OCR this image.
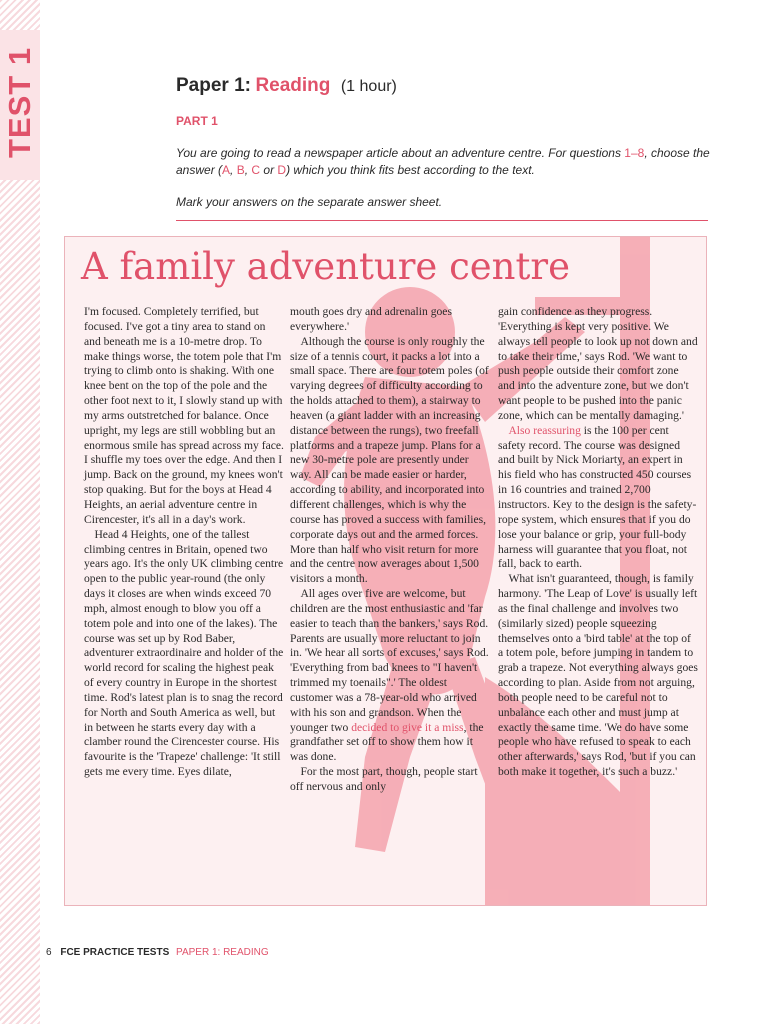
TEST 1	Paper 1: Reading (1 hour)
PART 1
You are going to read a newspaper article about an adventure centre. For questions 1–8, choose the answer (A, B, C or D) which you think fits best according to the text.
Mark your answers on the separate answer sheet.
A family adventure centre

I'm focused. Completely terrified, but focused. I've got a tiny area to stand on and beneath me is a 10-metre drop. To make things worse, the totem pole that I'm trying to climb onto is shaking. With one knee bent on the top of the pole and the other foot next to it, I slowly stand up with my arms outstretched for balance. Once upright, my legs are still wobbling but an enormous smile has spread across my face. I shuffle my toes over the edge. And then I jump. Back on the ground, my knees won't stop quaking. But for the boys at Head 4 Heights, an aerial adventure centre in Cirencester, it's all in a day's work.

Head 4 Heights, one of the tallest climbing centres in Britain, opened two years ago. It's the only UK climbing centre open to the public year-round (the only days it closes are when winds exceed 70 mph, almost enough to blow you off a totem pole and into one of the lakes). The course was set up by Rod Baber, adventurer extraordinaire and holder of the world record for scaling the highest peak of every country in Europe in the shortest time. Rod's latest plan is to snag the record for North and South America as well, but in between he starts every day with a clamber round the Cirencester course. His favourite is the 'Trapeze' challenge: 'It still gets me every time. Eyes dilate,

mouth goes dry and adrenalin goes everywhere.'

Although the course is only roughly the size of a tennis court, it packs a lot into a small space. There are four totem poles (of varying degrees of difficulty according to the holds attached to them), a stairway to heaven (a giant ladder with an increasing distance between the rungs), two freefall platforms and a trapeze jump. Plans for a new 30-metre pole are presently under way. All can be made easier or harder, according to ability, and incorporated into different challenges, which is why the course has proved a success with families, corporate days out and the armed forces. More than half who visit return for more and the centre now averages about 1,500 visitors a month.

All ages over five are welcome, but children are the most enthusiastic and 'far easier to teach than the bankers,' says Rod. Parents are usually more reluctant to join in. 'We hear all sorts of excuses,' says Rod. 'Everything from bad knees to "I haven't trimmed my toenails".' The oldest customer was a 78-year-old who arrived with his son and grandson. When the younger two decided to give it a miss, the grandfather set off to show them how it was done.

For the most part, though, people start off nervous and only

gain confidence as they progress. 'Everything is kept very positive. We always tell people to look up not down and to take their time,' says Rod. 'We want to push people outside their comfort zone and into the adventure zone, but we don't want people to be pushed into the panic zone, which can be mentally damaging.'

Also reassuring is the 100 per cent safety record. The course was designed and built by Nick Moriarty, an expert in his field who has constructed 450 courses in 16 countries and trained 2,700 instructors. Key to the design is the safety-rope system, which ensures that if you do lose your balance or grip, your full-body harness will guarantee that you float, not fall, back to earth.

What isn't guaranteed, though, is family harmony. 'The Leap of Love' is usually left as the final challenge and involves two (similarly sized) people squeezing themselves onto a 'bird table' at the top of a totem pole, before jumping in tandem to grab a trapeze. Not everything always goes according to plan. Aside from not arguing, both people need to be careful not to unbalance each other and must jump at exactly the same time. 'We do have some people who have refused to speak to each other afterwards,' says Rod, 'but if you can both make it together, it's such a buzz.'

6 FCE PRACTICE TESTS PAPER 1: READING
